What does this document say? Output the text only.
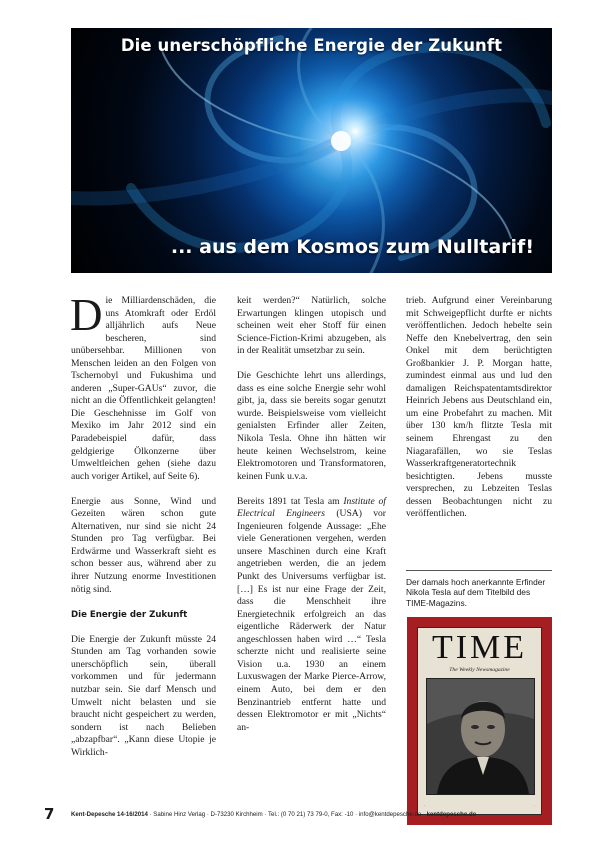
Die unerschöpfliche Energie der Zukunft
... aus dem Kosmos zum Nulltarif!

Die Milliardenschäden, die uns Atomkraft oder Erdöl alljährlich aufs Neue bescheren, sind unübersehbar. Millionen von Menschen leiden an den Folgen von Tschernobyl und Fukushima und anderen „Super-GAUs“ zuvor, die nicht an die Öffentlichkeit gelangten! Die Geschehnisse im Golf von Mexiko im Jahr 2012 sind ein Paradebeispiel dafür, dass geldgierige Ölkonzerne über Umweltleichen gehen (siehe dazu auch voriger Artikel, auf Seite 6).

Energie aus Sonne, Wind und Gezeiten wären schon gute Alternativen, nur sind sie nicht 24 Stunden pro Tag verfügbar. Bei Erdwärme und Wasserkraft sieht es schon besser aus, während aber zu ihrer Nutzung enorme Investitionen nötig sind.

Die Energie der Zukunft

Die Energie der Zukunft müsste 24 Stunden am Tag vorhanden sowie unerschöpflich sein, überall vorkommen und für jedermann nutzbar sein. Sie darf Mensch und Umwelt nicht belasten und sie braucht nicht gespeichert zu werden, sondern ist nach Belieben „abzapfbar“. „Kann diese Utopie je Wirklich-

keit werden?“ Natürlich, solche Erwartungen klingen utopisch und scheinen weit eher Stoff für einen Science-Fiction-Krimi abzugeben, als in der Realität umsetzbar zu sein.

Die Geschichte lehrt uns allerdings, dass es eine solche Energie sehr wohl gibt, ja, dass sie bereits sogar genutzt wurde. Beispielsweise vom vielleicht genialsten Erfinder aller Zeiten, Nikola Tesla. Ohne ihn hätten wir heute keinen Wechselstrom, keine Elektromotoren und Transformatoren, keinen Funk u.v.a.

Bereits 1891 tat Tesla am Institute of Electrical Engineers (USA) vor Ingenieuren folgende Aussage: „Ehe viele Generationen vergehen, werden unsere Maschinen durch eine Kraft angetrieben werden, die an jedem Punkt des Universums verfügbar ist. […] Es ist nur eine Frage der Zeit, dass die Menschheit ihre Energietechnik erfolgreich an das eigentliche Räderwerk der Natur angeschlossen haben wird …“ Tesla scherzte nicht und realisierte seine Vision u.a. 1930 an einem Luxuswagen der Marke Pierce-Arrow, einem Auto, bei dem er den Benzinantrieb entfernt hatte und dessen Elektromotor er mit „Nichts“ an-

trieb. Aufgrund einer Vereinbarung mit Schweigepflicht durfte er nichts veröffentlichen. Jedoch hebelte sein Neffe den Knebelvertrag, den sein Onkel mit dem berüchtigten Großbankier J. P. Morgan hatte, zumindest einmal aus und lud den damaligen Reichspatentamtsdirektor Heinrich Jebens aus Deutschland ein, um eine Probefahrt zu machen. Mit über 130 km/h flitzte Tesla mit seinem Ehrengast zu den Niagarafällen, wo sie Teslas Wasserkraftgeneratortechnik besichtigten. Jebens musste versprechen, zu Lebzeiten Teslas dessen Beobachtungen nicht zu veröffentlichen.

Der damals hoch anerkannte Erfinder Nikola Tesla auf dem Titelbild des TIME-Magazins.
TIME
The Weekly Newsmagazine
·	·
7	Kent-Depesche 14-16/2014 · Sabine Hinz Verlag · D-73230 Kirchheim · Tel.: (0 70 21) 73 79-0, Fax: -10 · info@kentdepesche.de · kentdepesche.de
